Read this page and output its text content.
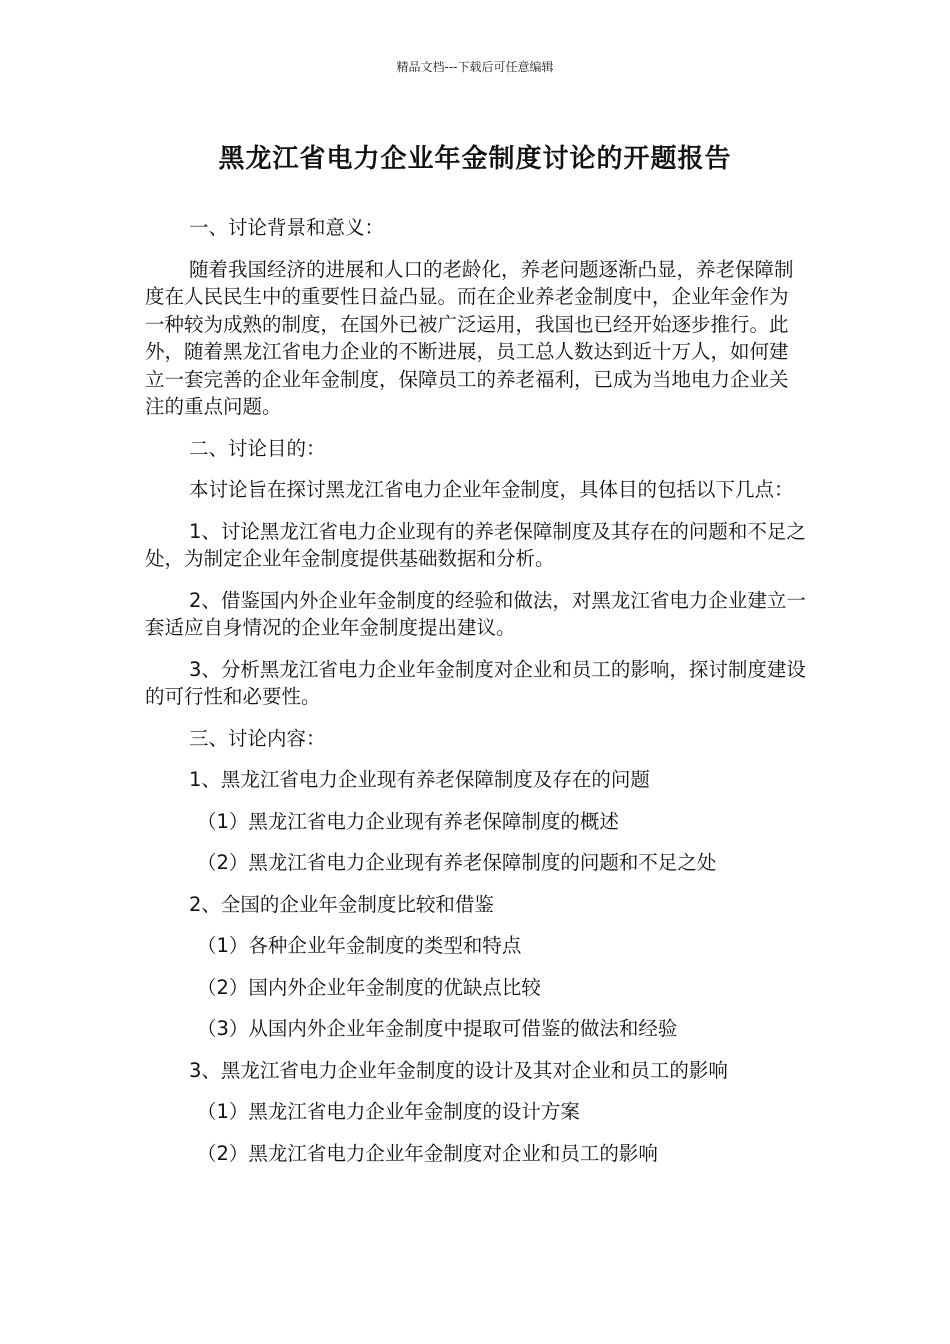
精品文档---下载后可任意编辑
黑龙江省电力企业年金制度讨论的开题报告

一、讨论背景和意义：

随着我国经济的进展和人口的老龄化，养老问题逐渐凸显，养老保障制度在人民民生中的重要性日益凸显。而在企业养老金制度中，企业年金作为一种较为成熟的制度，在国外已被广泛运用，我国也已经开始逐步推行。此外，随着黑龙江省电力企业的不断进展，员工总人数达到近十万人，如何建立一套完善的企业年金制度，保障员工的养老福利，已成为当地电力企业关注的重点问题。

二、讨论目的：

本讨论旨在探讨黑龙江省电力企业年金制度，具体目的包括以下几点：

1、讨论黑龙江省电力企业现有的养老保障制度及其存在的问题和不足之处，为制定企业年金制度提供基础数据和分析。

2、借鉴国内外企业年金制度的经验和做法，对黑龙江省电力企业建立一套适应自身情况的企业年金制度提出建议。

3、分析黑龙江省电力企业年金制度对企业和员工的影响，探讨制度建设的可行性和必要性。

三、讨论内容：

1、黑龙江省电力企业现有养老保障制度及存在的问题

（1）黑龙江省电力企业现有养老保障制度的概述

（2）黑龙江省电力企业现有养老保障制度的问题和不足之处

2、全国的企业年金制度比较和借鉴

（1）各种企业年金制度的类型和特点

（2）国内外企业年金制度的优缺点比较

（3）从国内外企业年金制度中提取可借鉴的做法和经验

3、黑龙江省电力企业年金制度的设计及其对企业和员工的影响

（1）黑龙江省电力企业年金制度的设计方案

（2）黑龙江省电力企业年金制度对企业和员工的影响
